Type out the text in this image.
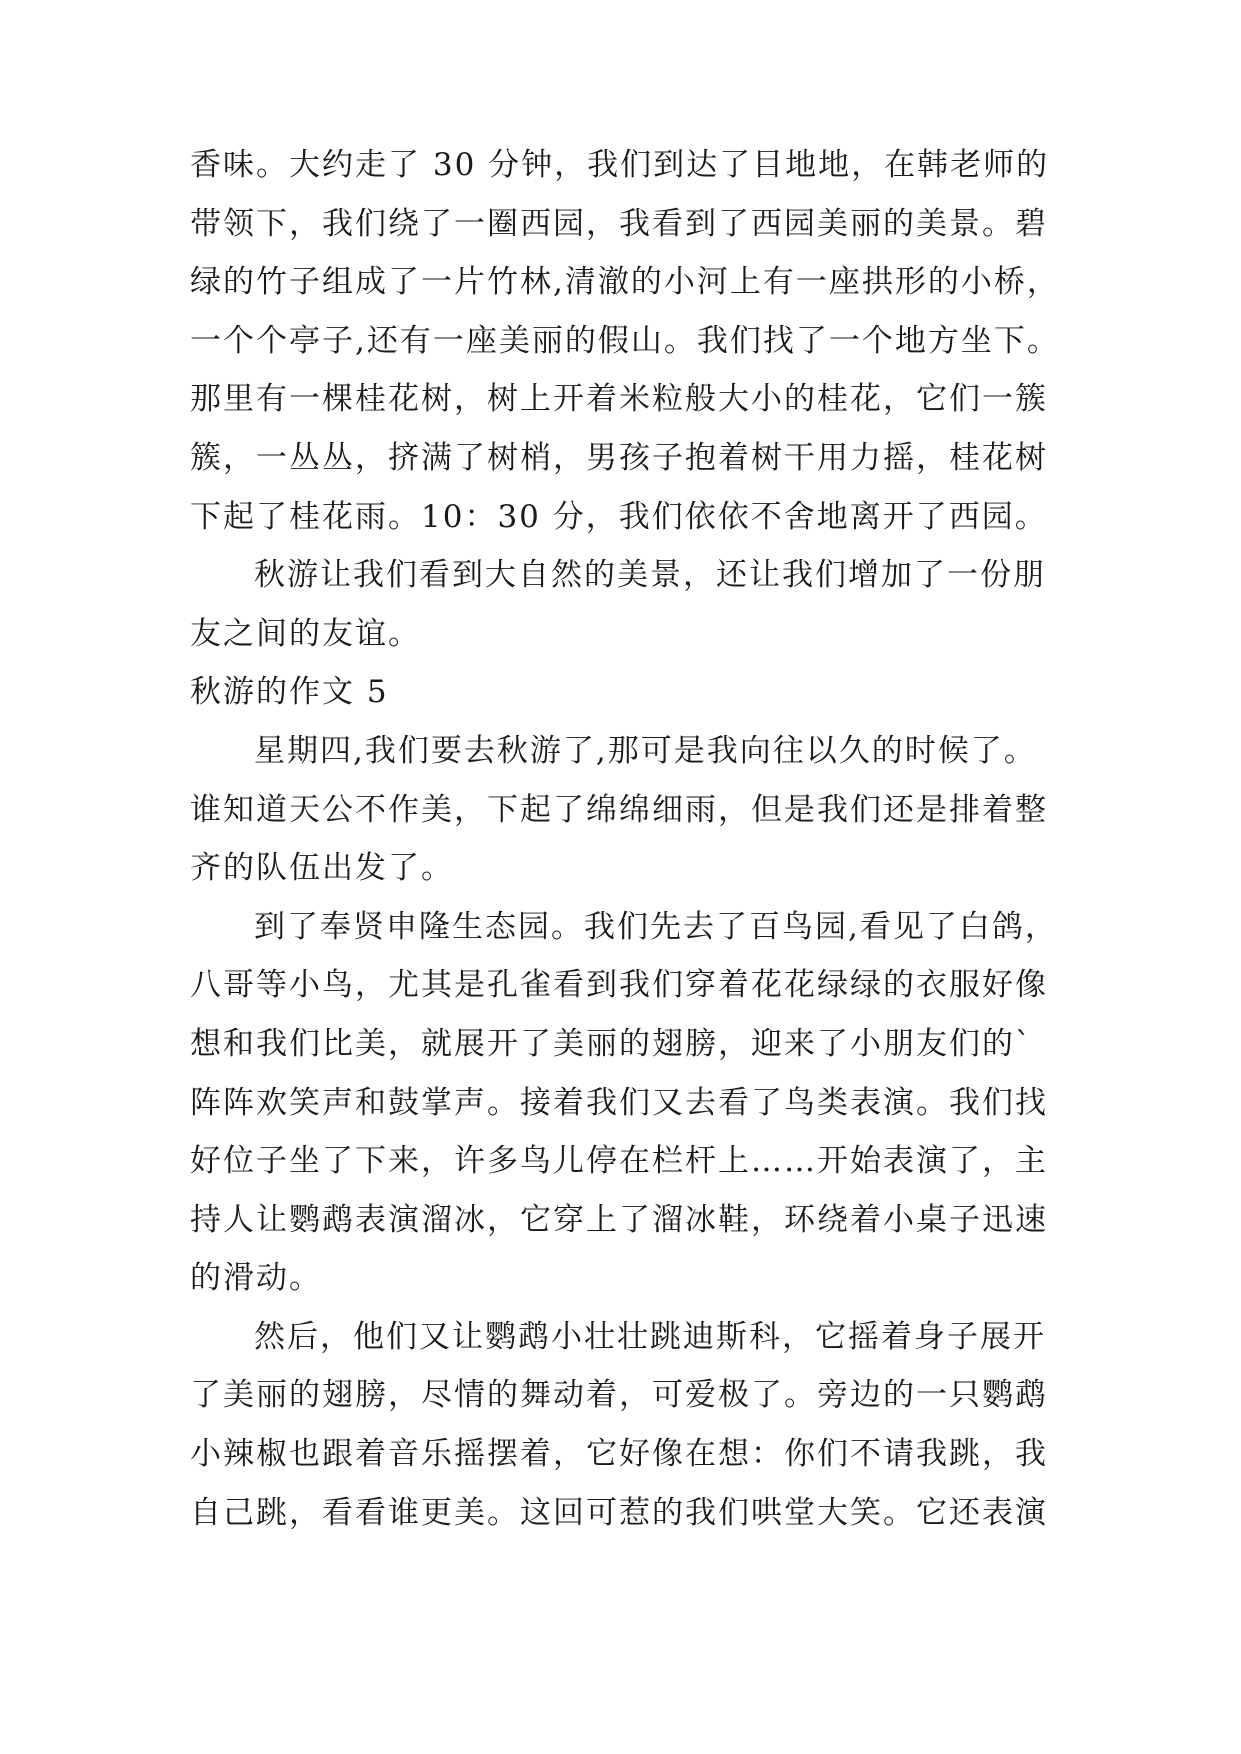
香味。大约走了 30 分钟，我们到达了目地地，在韩老师的
带领下，我们绕了一圈西园，我看到了西园美丽的美景。碧
绿的竹子组成了一片竹林,清澈的小河上有一座拱形的小桥，
一个个亭子,还有一座美丽的假山。我们找了一个地方坐下。
那里有一棵桂花树，树上开着米粒般大小的桂花，它们一簇
簇，一丛丛，挤满了树梢，男孩子抱着树干用力摇，桂花树
下起了桂花雨。10：30 分，我们依依不舍地离开了西园。
秋游让我们看到大自然的美景，还让我们增加了一份朋
友之间的友谊。
秋游的作文 5
星期四,我们要去秋游了,那可是我向往以久的时候了。
谁知道天公不作美，下起了绵绵细雨，但是我们还是排着整
齐的队伍出发了。
到了奉贤申隆生态园。我们先去了百鸟园,看见了白鸽，
八哥等小鸟，尤其是孔雀看到我们穿着花花绿绿的衣服好像
想和我们比美，就展开了美丽的翅膀，迎来了小朋友们的`
阵阵欢笑声和鼓掌声。接着我们又去看了鸟类表演。我们找
好位子坐了下来，许多鸟儿停在栏杆上……开始表演了，主
持人让鹦鹉表演溜冰，它穿上了溜冰鞋，环绕着小桌子迅速
的滑动。
然后，他们又让鹦鹉小壮壮跳迪斯科，它摇着身子展开
了美丽的翅膀，尽情的舞动着，可爱极了。旁边的一只鹦鹉
小辣椒也跟着音乐摇摆着，它好像在想：你们不请我跳，我
自己跳，看看谁更美。这回可惹的我们哄堂大笑。它还表演
